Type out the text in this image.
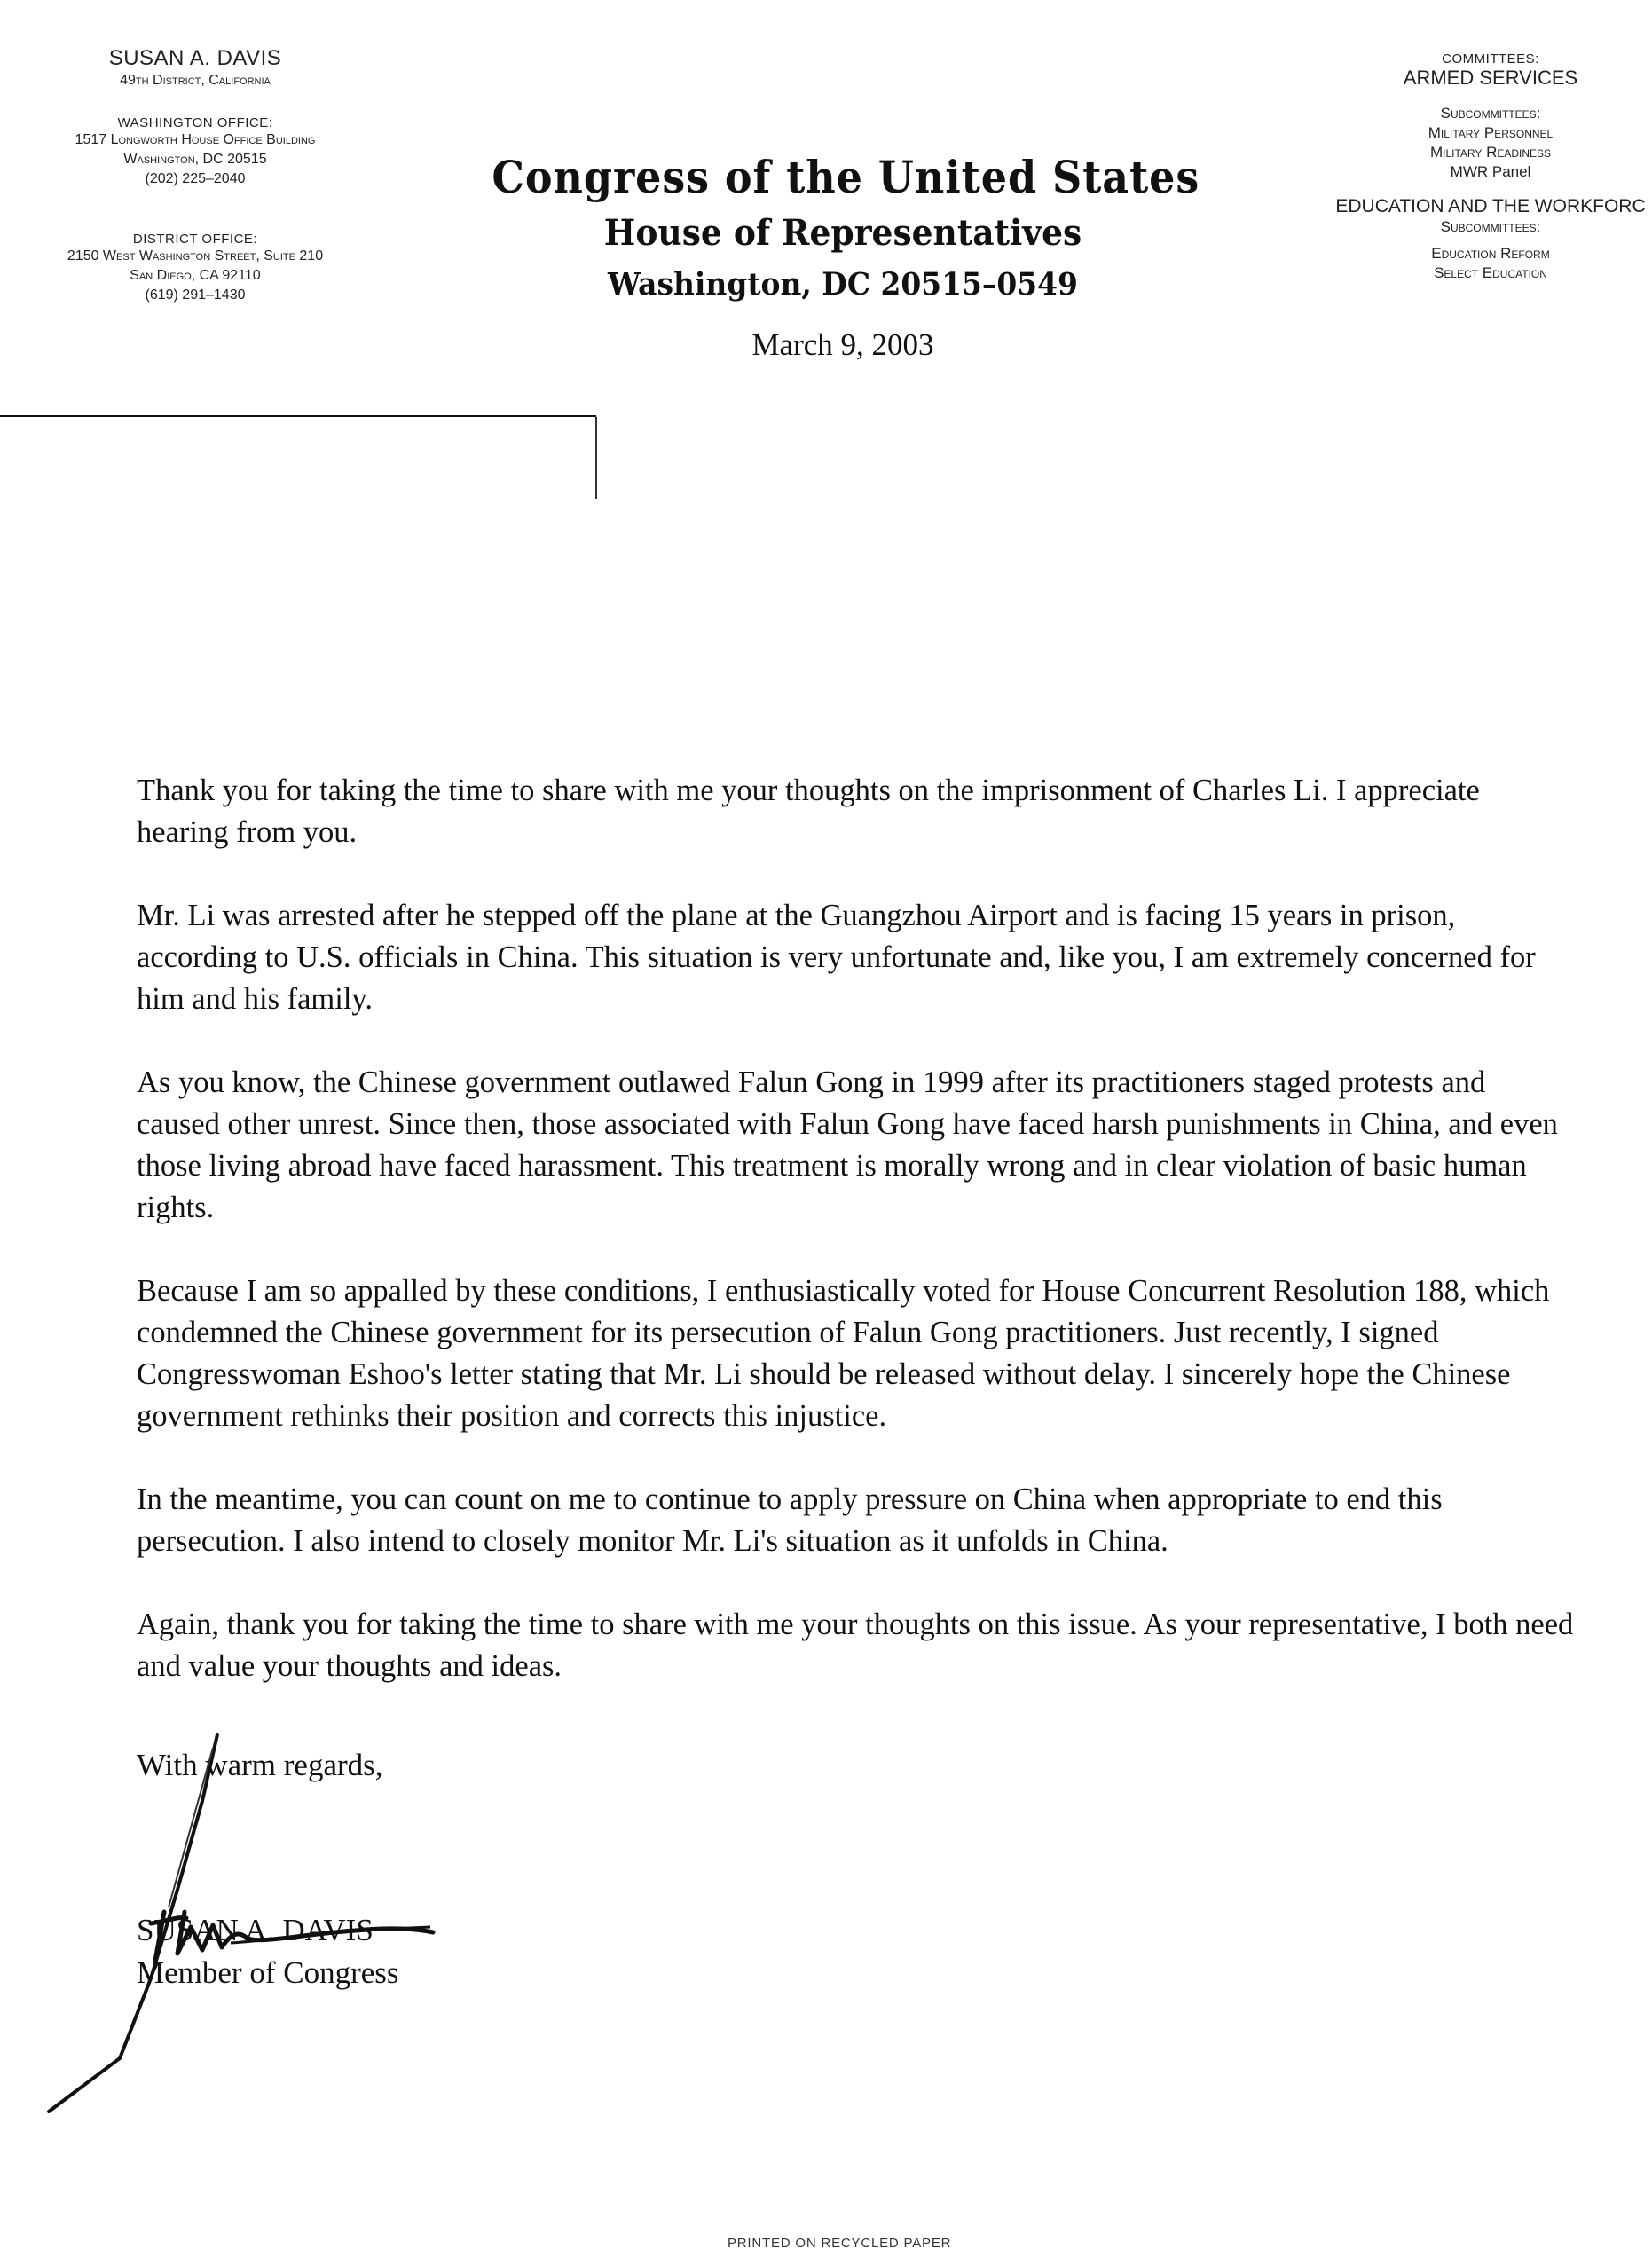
SUSAN A. DAVIS
49th District, California
WASHINGTON OFFICE:
1517 Longworth House Office Building
Washington, DC 20515
(202) 225–2040
DISTRICT OFFICE:
2150 West Washington Street, Suite 210
San Diego, CA 92110
(619) 291–1430
Congress of the United States
House of Representatives
Washington, DC 20515–0549
March 9, 2003
COMMITTEES:
ARMED SERVICES
Subcommittees:
Military Personnel
Military Readiness
MWR Panel
EDUCATION AND THE WORKFORC
Subcommittees:
Education Reform
Select Education

Thank you for taking the time to share with me your thoughts on the imprisonment of Charles Li. I appreciate hearing from you.

Mr. Li was arrested after he stepped off the plane at the Guangzhou Airport and is facing 15 years in prison, according to U.S. officials in China. This situation is very unfortunate and, like you, I am extremely concerned for him and his family.

As you know, the Chinese government outlawed Falun Gong in 1999 after its practitioners staged protests and caused other unrest. Since then, those associated with Falun Gong have faced harsh punishments in China, and even those living abroad have faced harassment. This treatment is morally wrong and in clear violation of basic human rights.

Because I am so appalled by these conditions, I enthusiastically voted for House Concurrent Resolution 188, which condemned the Chinese government for its persecution of Falun Gong practitioners. Just recently, I signed Congresswoman Eshoo's letter stating that Mr. Li should be released without delay. I sincerely hope the Chinese government rethinks their position and corrects this injustice.

In the meantime, you can count on me to continue to apply pressure on China when appropriate to end this persecution. I also intend to closely monitor Mr. Li's situation as it unfolds in China.

Again, thank you for taking the time to share with me your thoughts on this issue. As your representative, I both need and value your thoughts and ideas.

With warm regards,
SUSAN A. DAVIS
Member of Congress
PRINTED ON RECYCLED PAPER
